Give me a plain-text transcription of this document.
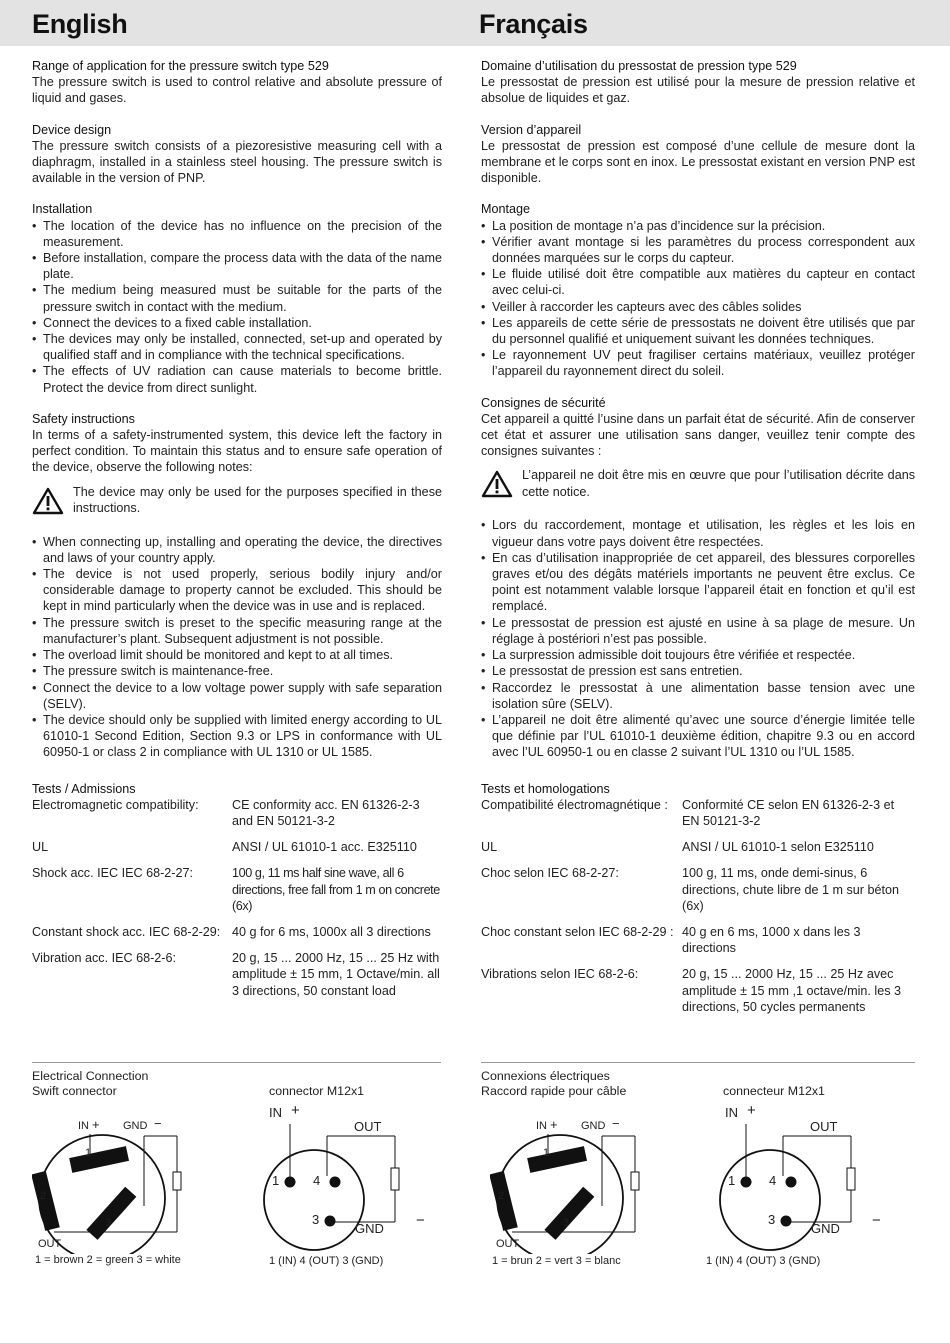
English	Français
Range of application for the pressure switch type 529

The pressure switch is used to control relative and absolute pressure of liquid and gases.

Device design

The pressure switch consists of a piezoresistive measuring cell with a diaphragm, installed in a stainless steel housing. The pressure switch is available in the version of PNP.

Installation
• The location of the device has no influence on the precision of the measurement.
• Before installation, compare the process data with the data of the name plate.
• The medium being measured must be suitable for the parts of the pressure switch in contact with the medium.
• Connect the devices to a fixed cable installation.
• The devices may only be installed, connected, set-up and operated by qualified staff and in compliance with the technical specifications.
• The effects of UV radiation can cause materials to become brittle. Protect the device from direct sunlight.
Safety instructions

In terms of a safety-instrumented system, this device left the factory in perfect condition. To maintain this status and to ensure safe operation of the device, observe the following notes:

The device may only be used for the purposes specified in these instructions.

• When connecting up, installing and operating the device, the directives and laws of your country apply.
• The device is not used properly, serious bodily injury and/or considerable damage to property cannot be excluded. This should be kept in mind particularly when the device was in use and is replaced.
• The pressure switch is preset to the specific measuring range at the manufacturer’s plant. Subsequent adjustment is not possible.
• The overload limit should be monitored and kept to at all times.
• The pressure switch is maintenance-free.
• Connect the device to a low voltage power supply with safe separation (SELV).
• The device should only be supplied with limited energy according to UL 61010-1 Second Edition, Section 9.3 or LPS in conformance with UL 60950-1 or class 2 in compliance with UL 1310 or UL 1585.
Tests / Admissions
Electromagnetic compatibility:	CE conformity acc. EN 61326-2-3 and EN 50121-3-2
UL	ANSI / UL 61010-1 acc. E325110
Shock acc. IEC IEC 68-2-27:	100 g, 11 ms half sine wave, all 6 directions, free fall from 1 m on concrete (6x)
Constant shock acc. IEC 68-2-29:	40 g for 6 ms, 1000x all 3 directions
Vibration acc. IEC 68-2-6:	20 g, 15 ... 2000 Hz, 15 ... 25 Hz with amplitude ± 15 mm, 1 Octave/min. all 3 directions, 50 constant load
Domaine d’utilisation du pressostat de pression type 529

Le pressostat de pression est utilisé pour la mesure de pression relative et absolue de liquides et gaz.

Version d’appareil

Le pressostat de pression est composé d’une cellule de mesure dont la membrane et le corps sont en inox. Le pressostat existant en version PNP est disponible.

Montage
• La position de montage n’a pas d’incidence sur la précision.
• Vérifier avant montage si les paramètres du process correspondent aux données marquées sur le corps du capteur.
• Le fluide utilisé doit être compatible aux matières du capteur en contact avec celui-ci.
• Veiller à raccorder les capteurs avec des câbles solides
• Les appareils de cette série de pressostats ne doivent être utilisés que par du personnel qualifié et uniquement suivant les données techniques.
• Le rayonnement UV peut fragiliser certains matériaux, veuillez protéger l’appareil du rayonnement direct du soleil.
Consignes de sécurité

Cet appareil a quitté l’usine dans un parfait état de sécurité. Afin de conserver cet état et assurer une utilisation sans danger, veuillez tenir compte des consignes suivantes :

L’appareil ne doit être mis en œuvre que pour l’utilisation décrite dans cette notice.

• Lors du raccordement, montage et utilisation, les règles et les lois en vigueur dans votre pays doivent être respectées.
• En cas d’utilisation inappropriée de cet appareil, des blessures corporelles graves et/ou des dégâts matériels importants ne peuvent être exclus. Ce point est notamment valable lorsque l’appareil était en fonction et qu’il est remplacé.
• Le pressostat de pression est ajusté en usine à sa plage de mesure. Un réglage à postériori n’est pas possible.
• La surpression admissible doit toujours être vérifiée et respectée.
• Le pressostat de pression est sans entretien.
• Raccordez le pressostat à une alimentation basse tension avec une isolation sûre (SELV).
• L’appareil ne doit être alimenté qu’avec une source d’énergie limitée telle que définie par l’UL 61010-1 deuxième édition, chapitre 9.3 ou en accord avec l’UL 60950-1 ou en classe 2 suivant l’UL 1310 ou l’UL 1585.
Tests et homologations
Compatibilité électromagnétique :	Conformité CE selon EN 61326-2-3 et EN 50121-3-2
UL	ANSI / UL 61010-1 selon E325110
Choc selon IEC 68-2-27:	100 g, 11 ms, onde demi-sinus, 6 directions, chute libre de 1 m sur béton (6x)
Choc constant selon IEC 68-2-29 :	40 g en 6 ms, 1000 x dans les 3 directions
Vibrations selon IEC 68-2-6:	20 g, 15 ... 2000 Hz, 15 ... 25 Hz avec amplitude ± 15 mm ,1 octave/min. les 3 directions, 50 cycles permanents
Electrical Connection
Swift connector	connector M12x1
Connexions électriques
Raccord rapide pour câble	connecteur M12x1
IN + GND −
1
2
3
OUT
1 = brown 2 = green 3 = white
IN +
OUT
1	4
3
GND −
1 (IN) 4 (OUT) 3 (GND)
IN + GND −
1
2
3
OUT
1 = brun 2 = vert 3 = blanc
IN +
OUT
1	4
3
GND −
1 (IN) 4 (OUT) 3 (GND)
